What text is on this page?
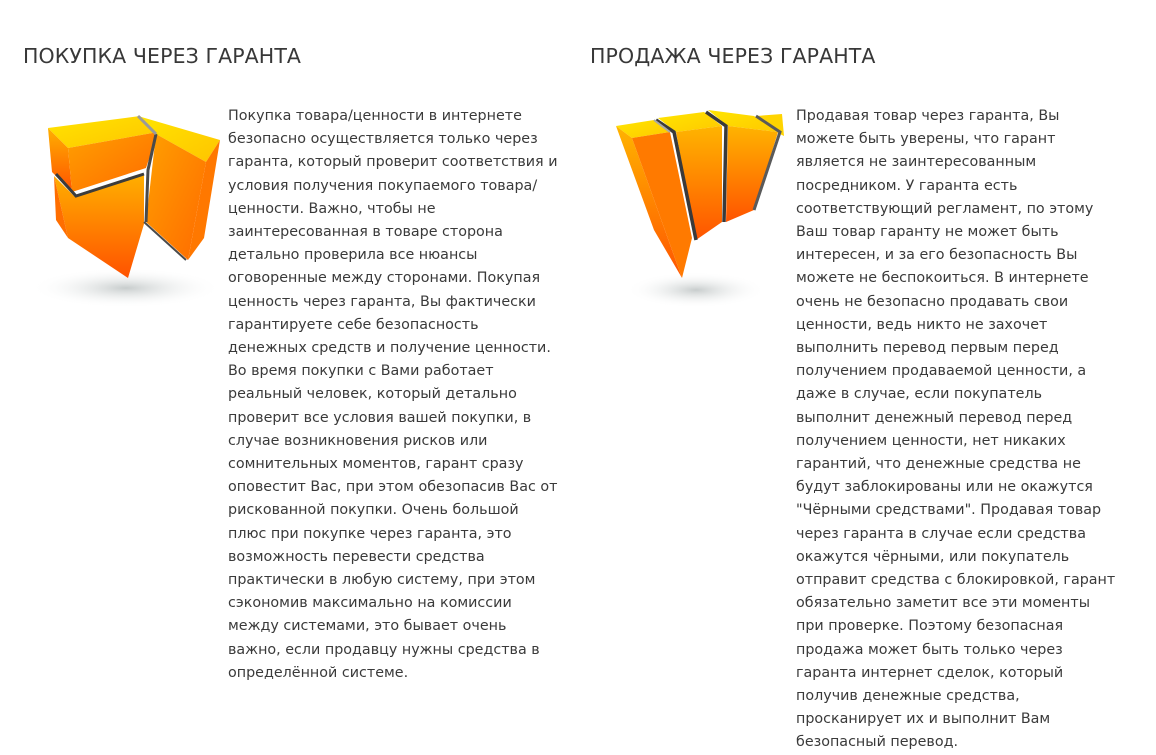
ПОКУПКА ЧЕРЕЗ ГАРАНТА

Покупка товара/ценности в интернете безопасно осуществляется только через гаранта, который проверит соответствия и условия получения покупаемого товара/ценности. Важно, чтобы не заинтересованная в товаре сторона детально проверила все нюансы оговоренные между сторонами. Покупая ценность через гаранта, Вы фактически гарантируете себе безопасность денежных средств и получение ценности. Во время покупки с Вами работает реальный человек, который детально проверит все условия вашей покупки, в случае возникновения рисков или сомнительных моментов, гарант сразу оповестит Вас, при этом обезопасив Вас от рискованной покупки. Очень большой плюс при покупке через гаранта, это возможность перевести средства практически в любую систему, при этом сэкономив максимально на комиссии между системами, это бывает очень важно, если продавцу нужны средства в определённой системе.

ПРОДАЖА ЧЕРЕЗ ГАРАНТА

Продавая товар через гаранта, Вы можете быть уверены, что гарант является не заинтересованным посредником. У гаранта есть соответствующий регламент, по этому Ваш товар гаранту не может быть интересен, и за его безопасность Вы можете не беспокоиться. В интернете очень не безопасно продавать свои ценности, ведь никто не захочет выполнить перевод первым перед получением продаваемой ценности, а даже в случае, если покупатель выполнит денежный перевод перед получением ценности, нет никаких гарантий, что денежные средства не будут заблокированы или не окажутся "Чёрными средствами". Продавая товар через гаранта в случае если средства окажутся чёрными, или покупатель отправит средства с блокировкой, гарант обязательно заметит все эти моменты при проверке. Поэтому безопасная продажа может быть только через гаранта интернет сделок, который получив денежные средства, просканирует их и выполнит Вам безопасный перевод.
